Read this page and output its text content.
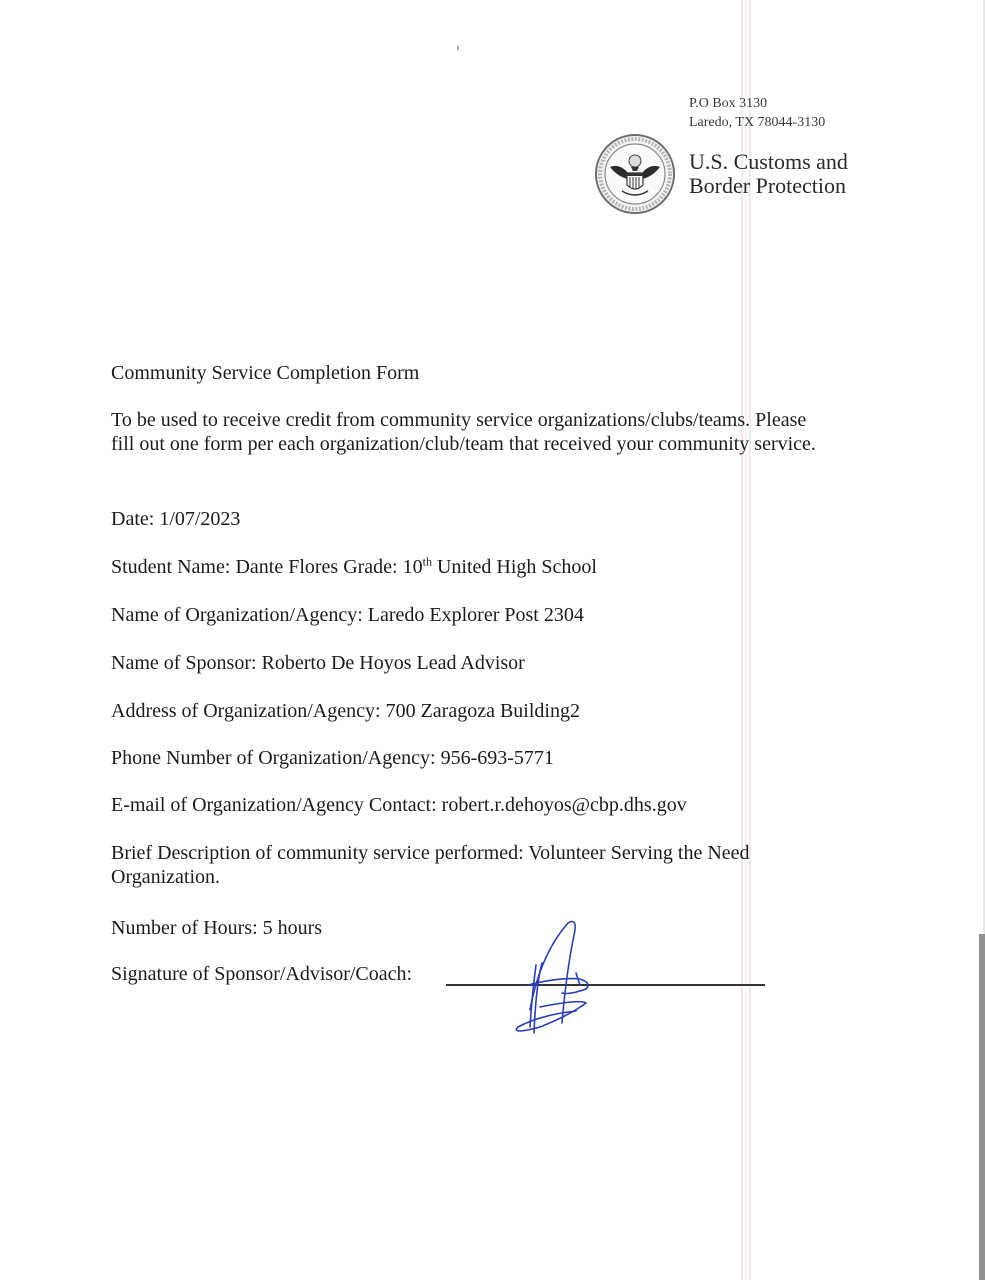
P.O Box 3130
Laredo, TX 78044-3130
U.S. Customs and
Border Protection
Community Service Completion Form
To be used to receive credit from community service organizations/clubs/teams. Please fill out one form per each organization/club/team that received your community service.
Date: 1/07/2023
Student Name: Dante Flores Grade: 10th United High School
Name of Organization/Agency: Laredo Explorer Post 2304
Name of Sponsor: Roberto De Hoyos Lead Advisor
Address of Organization/Agency: 700 Zaragoza Building2
Phone Number of Organization/Agency: 956-693-5771
E-mail of Organization/Agency Contact: robert.r.dehoyos@cbp.dhs.gov
Brief Description of community service performed: Volunteer Serving the Need Organization.
Number of Hours: 5 hours
Signature of Sponsor/Advisor/Coach:
